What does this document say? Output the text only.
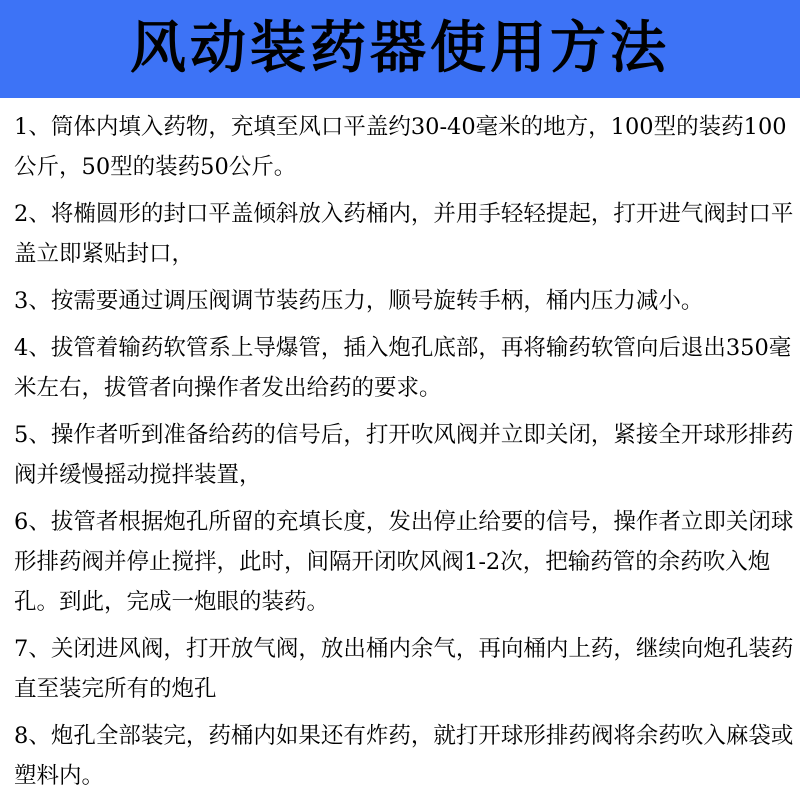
风动装药器使用方法

1、筒体内填入药物，充填至风口平盖约30-40毫米的地方，100型的装药100公斤，50型的装药50公斤。

2、将椭圆形的封口平盖倾斜放入药桶内，并用手轻轻提起，打开进气阀封口平盖立即紧贴封口，

3、按需要通过调压阀调节装药压力，顺号旋转手柄，桶内压力减小。

4、拔管着输药软管系上导爆管，插入炮孔底部，再将输药软管向后退出350毫米左右，拔管者向操作者发出给药的要求。

5、操作者听到准备给药的信号后，打开吹风阀并立即关闭，紧接全开球形排药阀并缓慢摇动搅拌装置，

6、拔管者根据炮孔所留的充填长度，发出停止给要的信号，操作者立即关闭球形排药阀并停止搅拌，此时，间隔开闭吹风阀1-2次，把输药管的余药吹入炮孔。到此，完成一炮眼的装药。

7、关闭进风阀，打开放气阀，放出桶内余气，再向桶内上药，继续向炮孔装药直至装完所有的炮孔

8、炮孔全部装完，药桶内如果还有炸药，就打开球形排药阀将余药吹入麻袋或塑料内。
